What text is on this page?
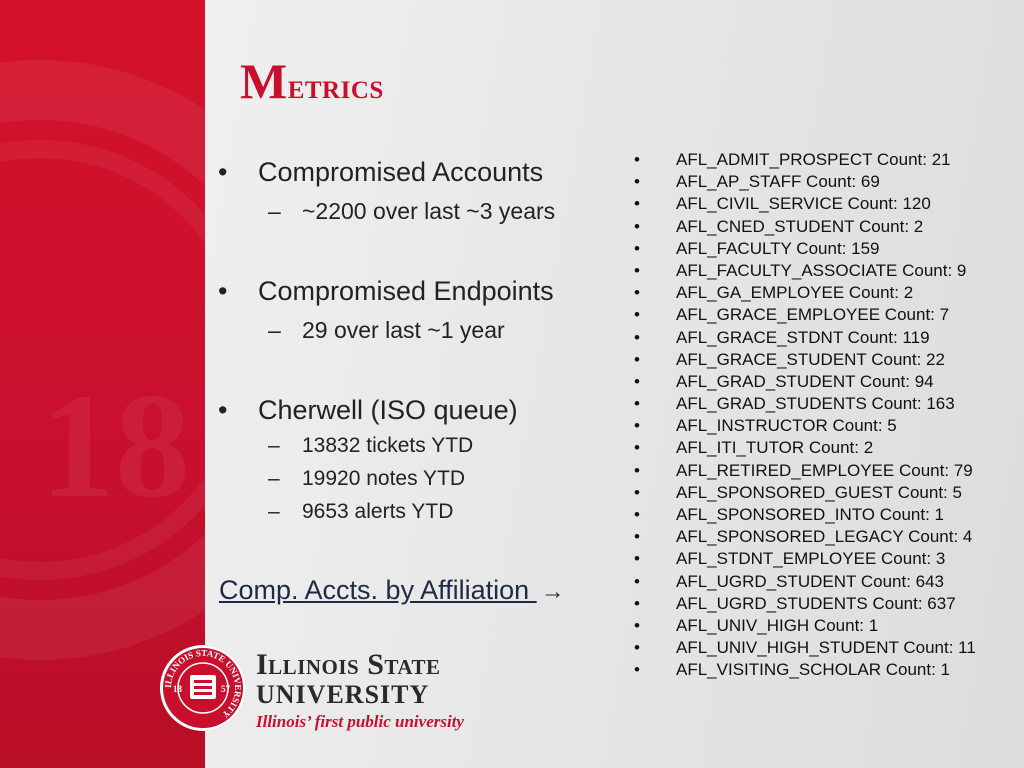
18
Metrics
• Compromised Accounts
– ~2200 over last ~3 years
• Compromised Endpoints
– 29 over last ~1 year
• Cherwell (ISO queue)
– 13832 tickets YTD
– 19920 notes YTD
– 9653 alerts YTD
Comp. Accts. by Affiliation →
•	AFL_ADMIT_PROSPECT Count: 21
•	AFL_AP_STAFF Count: 69
•	AFL_CIVIL_SERVICE Count: 120
•	AFL_CNED_STUDENT Count: 2
•	AFL_FACULTY Count: 159
•	AFL_FACULTY_ASSOCIATE Count: 9
•	AFL_GA_EMPLOYEE Count: 2
•	AFL_GRACE_EMPLOYEE Count: 7
•	AFL_GRACE_STDNT Count: 119
•	AFL_GRACE_STUDENT Count: 22
•	AFL_GRAD_STUDENT Count: 94
•	AFL_GRAD_STUDENTS Count: 163
•	AFL_INSTRUCTOR Count: 5
•	AFL_ITI_TUTOR Count: 2
•	AFL_RETIRED_EMPLOYEE Count: 79
•	AFL_SPONSORED_GUEST Count: 5
•	AFL_SPONSORED_INTO Count: 1
•	AFL_SPONSORED_LEGACY Count: 4
•	AFL_STDNT_EMPLOYEE Count: 3
•	AFL_UGRD_STUDENT Count: 643
•	AFL_UGRD_STUDENTS Count: 637
•	AFL_UNIV_HIGH Count: 1
•	AFL_UNIV_HIGH_STUDENT Count: 11
•	AFL_VISITING_SCHOLAR Count: 1
ILLINOIS STATE UNIVERSITY
18	57
Illinois State
UNIVERSITY
Illinois’ first public university
